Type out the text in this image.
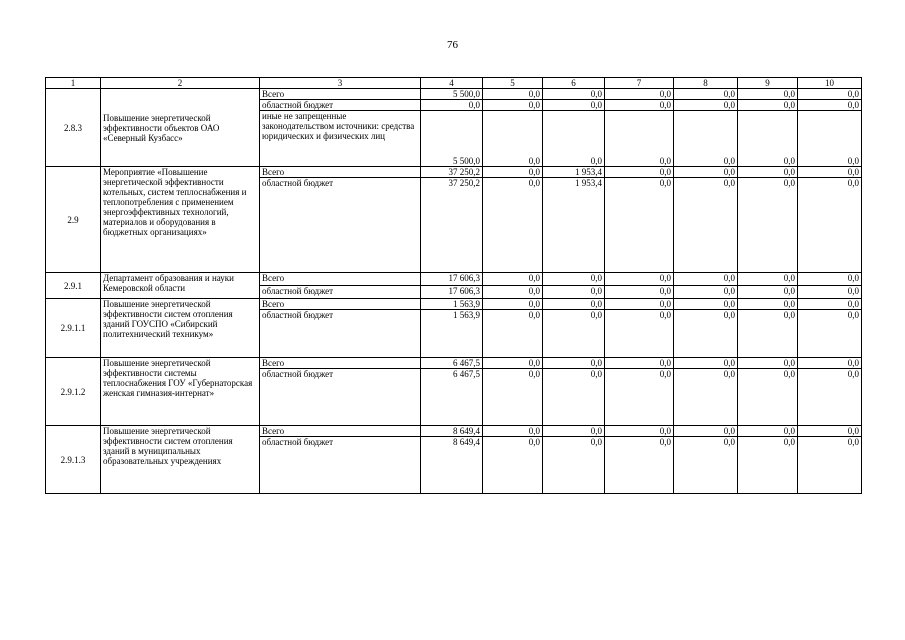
76
1	2	3	4	5	6	7	8	9	10
2.8.3	Повышение энергетической эффективности объектов ОАО «Северный Кузбасс»	Всего	5 500,0	0,0	0,0	0,0	0,0	0,0	0,0
		областной бюджет	0,0	0,0	0,0	0,0	0,0	0,0	0,0
		иные не запрещенные законодательством источники: средства юридических и физических лиц	5 500,0	0,0	0,0	0,0	0,0	0,0	0,0
2.9	Мероприятие «Повышение энергетической эффективности котельных, систем теплоснабжения и теплопотребления с применением энергоэффективных технологий, материалов и оборудования в бюджетных организациях»	Всего	37 250,2	0,0	1 953,4	0,0	0,0	0,0	0,0
		областной бюджет	37 250,2	0,0	1 953,4	0,0	0,0	0,0	0,0
2.9.1	Департамент образования и науки Кемеровской области	Всего	17 606,3	0,0	0,0	0,0	0,0	0,0	0,0
		областной бюджет	17 606,3	0,0	0,0	0,0	0,0	0,0	0,0
2.9.1.1	Повышение энергетической эффективности систем отопления зданий ГОУСПО «Сибирский политехнический техникум»	Всего	1 563,9	0,0	0,0	0,0	0,0	0,0	0,0
		областной бюджет	1 563,9	0,0	0,0	0,0	0,0	0,0	0,0
2.9.1.2	Повышение энергетической эффективности системы теплоснабжения ГОУ «Губернаторская женская гимназия-интернат»	Всего	6 467,5	0,0	0,0	0,0	0,0	0,0	0,0
		областной бюджет	6 467,5	0,0	0,0	0,0	0,0	0,0	0,0
2.9.1.3	Повышение энергетической эффективности систем отопления зданий в муниципальных образовательных учреждениях	Всего	8 649,4	0,0	0,0	0,0	0,0	0,0	0,0
		областной бюджет	8 649,4	0,0	0,0	0,0	0,0	0,0	0,0
